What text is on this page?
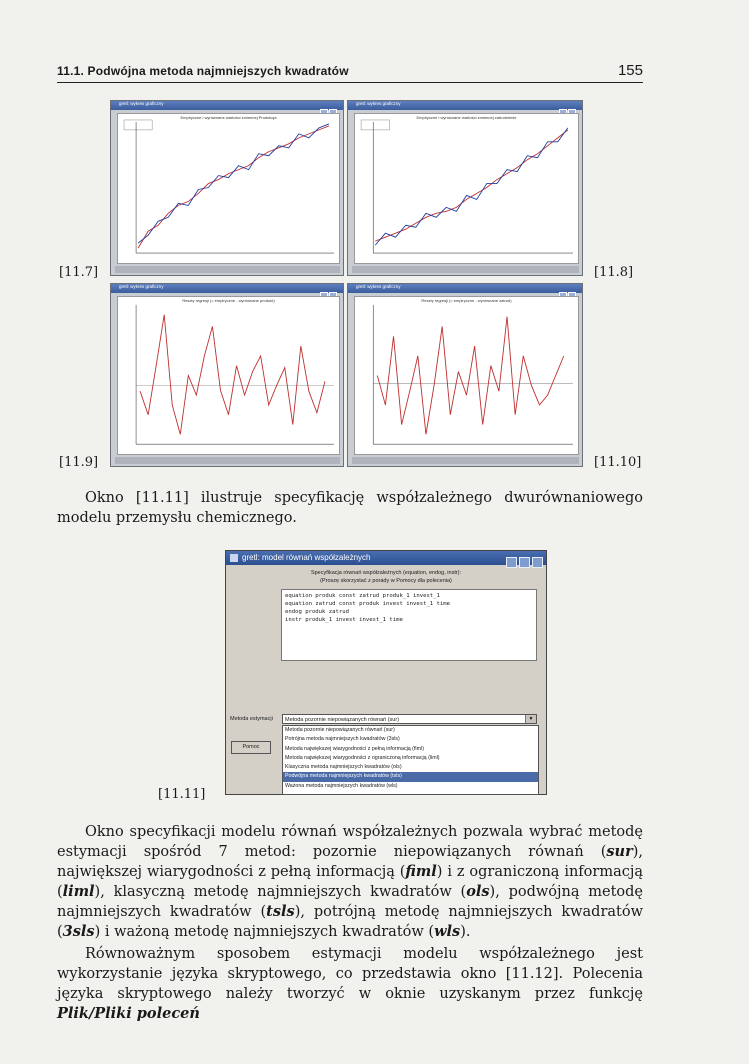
11.1. Podwójna metoda najmniejszych kwadratów	155
gretl: wykres graficzny
Empiryczne i wyrównane wartości zmiennej Produkcja
[11.7]
gretl: wykres graficzny
Empiryczne i wyrównane wartości zmiennej zatrudnienie
[11.8]
gretl: wykres graficzny
Reszty regresji (= empiryczne - wyrównane produkt)
[11.9]
gretl: wykres graficzny
Reszty regresji (= empiryczne - wyrównane zatrud)
[11.10]
Okno [11.11] ilustruje specyfikację współzależnego dwurównaniowego modelu przemysłu chemicznego.
gretl: model równań współzależnych
Specyfikacja równań współzależnych (equation, endog, instr):
(Proszę skorzystać z porady w Pomocy dla polecenia)
equation produk const zatrud produk_1 invest_1
equation zatrud const produk invest invest_1 time
endog produk zatrud
instr produk_1 invest invest_1 time
Metoda estymacji	Metoda pozornie niepowiązanych równań (sur)	▼
Metoda pozornie niepowiązanych równań (sur)
Potrójna metoda najmniejszych kwadratów (3sls)
Metoda największej wiarygodności z pełną informacją (fiml)
Metoda największej wiarygodności z ograniczoną informacją (liml)
Klasyczna metoda najmniejszych kwadratów (ols)
Podwójna metoda najmniejszych kwadratów (tsls)
Ważona metoda najmniejszych kwadratów (wls)
Pomoc
[11.11]
Okno specyfikacji modelu równań współzależnych pozwala wybrać metodę estymacji spośród 7 metod: pozornie niepowiązanych równań (sur), największej wiarygodności z pełną informacją (fiml) i z ograniczoną informacją (liml), klasyczną metodę najmniejszych kwadratów (ols), podwójną metodę najmniejszych kwadratów (tsls), potrójną metodę najmniejszych kwadratów (3sls) i ważoną metodę najmniejszych kwadratów (wls).
Równoważnym sposobem estymacji modelu współzależnego jest wykorzystanie języka skryptowego, co przedstawia okno [11.12]. Polecenia języka skryptowego należy tworzyć w oknie uzyskanym przez funkcję Plik/Pliki poleceń
